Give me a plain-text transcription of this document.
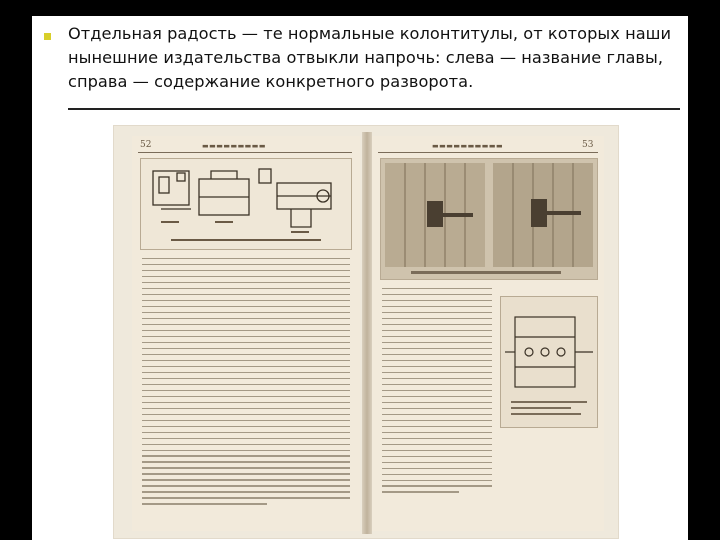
Отдельная радость — те нормальные колонтитулы, от которых наши нынешние издательства отвыкли напрочь: слева — название главы, справа — содержание конкретного разворота.
52	▬▬▬▬▬▬▬▬▬	53
▬▬▬▬▬▬▬▬▬▬
